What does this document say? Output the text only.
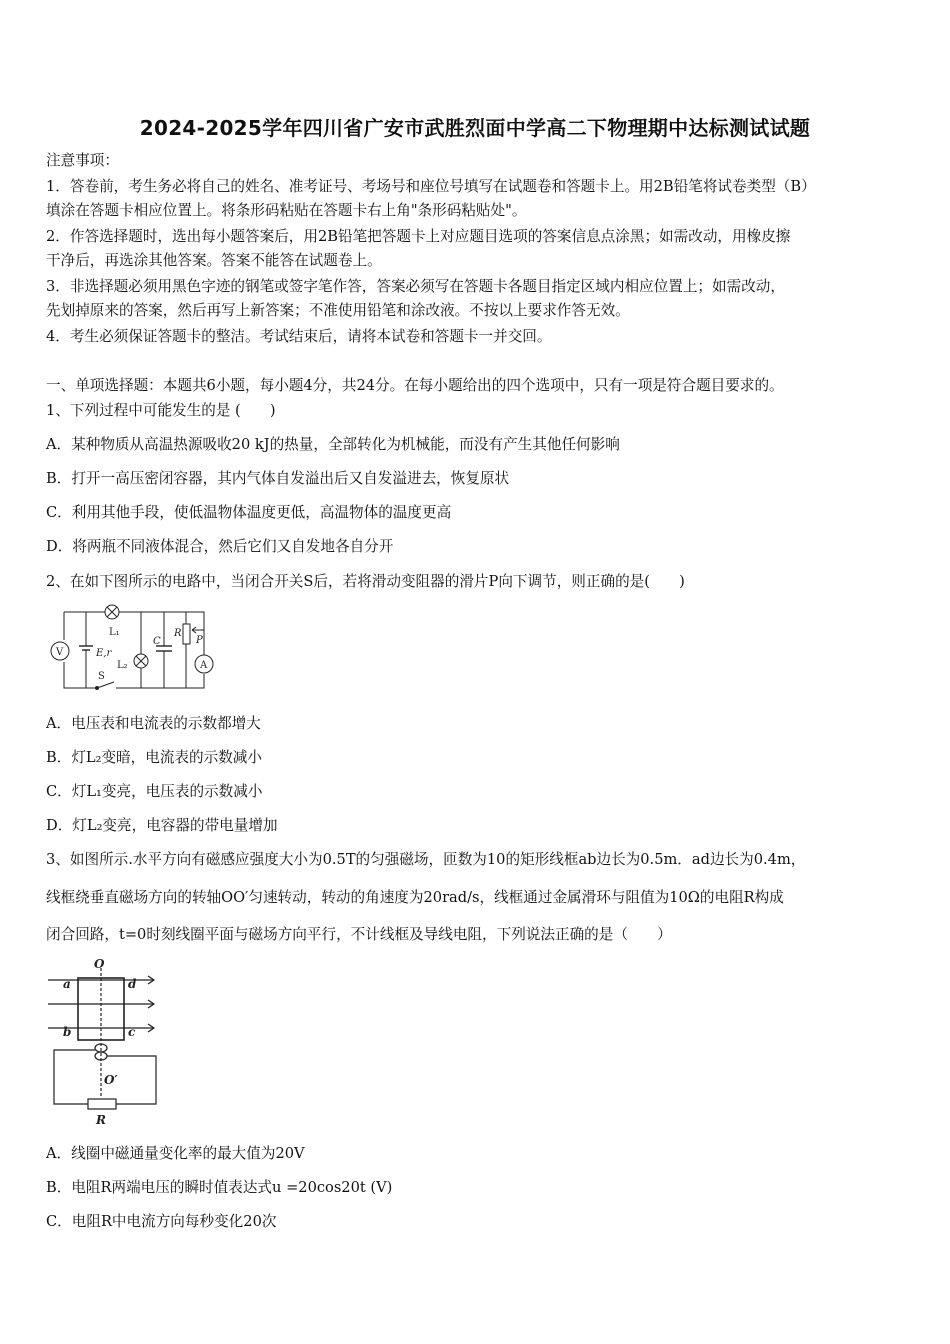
2024-2025学年四川省广安市武胜烈面中学高二下物理期中达标测试试题
注意事项：
1．答卷前，考生务必将自己的姓名、准考证号、考场号和座位号填写在试题卷和答题卡上。用2B铅笔将试卷类型（B）
填涂在答题卡相应位置上。将条形码粘贴在答题卡右上角"条形码粘贴处"。
2．作答选择题时，选出每小题答案后，用2B铅笔把答题卡上对应题目选项的答案信息点涂黑；如需改动，用橡皮擦
干净后，再选涂其他答案。答案不能答在试题卷上。
3．非选择题必须用黑色字迹的钢笔或签字笔作答，答案必须写在答题卡各题目指定区域内相应位置上；如需改动，
先划掉原来的答案，然后再写上新答案；不准使用铅笔和涂改液。不按以上要求作答无效。
4．考生必须保证答题卡的整洁。考试结束后，请将本试卷和答题卡一并交回。
一、单项选择题：本题共6小题，每小题4分，共24分。在每小题给出的四个选项中，只有一项是符合题目要求的。
1、下列过程中可能发生的是 (　　)
A．某种物质从高温热源吸收20 kJ的热量，全部转化为机械能，而没有产生其他任何影响
B．打开一高压密闭容器，其内气体自发溢出后又自发溢进去，恢复原状
C．利用其他手段，使低温物体温度更低，高温物体的温度更高
D．将两瓶不同液体混合，然后它们又自发地各自分开
2、在如下图所示的电路中，当闭合开关S后，若将滑动变阻器的滑片P向下调节，则正确的是(　　)
V
S
E,r
L₁
L₂
C
R
P
A
A．电压表和电流表的示数都增大
B．灯L₂变暗，电流表的示数减小
C．灯L₁变亮，电压表的示数减小
D．灯L₂变亮，电容器的带电量增加
3、如图所示.水平方向有磁感应强度大小为0.5T的匀强磁场，匝数为10的矩形线框ab边长为0.5m．ad边长为0.4m，
线框绕垂直磁场方向的转轴OO′匀速转动，转动的角速度为20rad/s，线框通过金属滑环与阻值为10Ω的电阻R构成
闭合回路，t=0时刻线圈平面与磁场方向平行，不计线框及导线电阻，下列说法正确的是（　　）
O
a	d
b	c
O′
R
A．线圈中磁通量变化率的最大值为20V
B．电阻R两端电压的瞬时值表达式u =20cos20t (V)
C．电阻R中电流方向每秒变化20次
